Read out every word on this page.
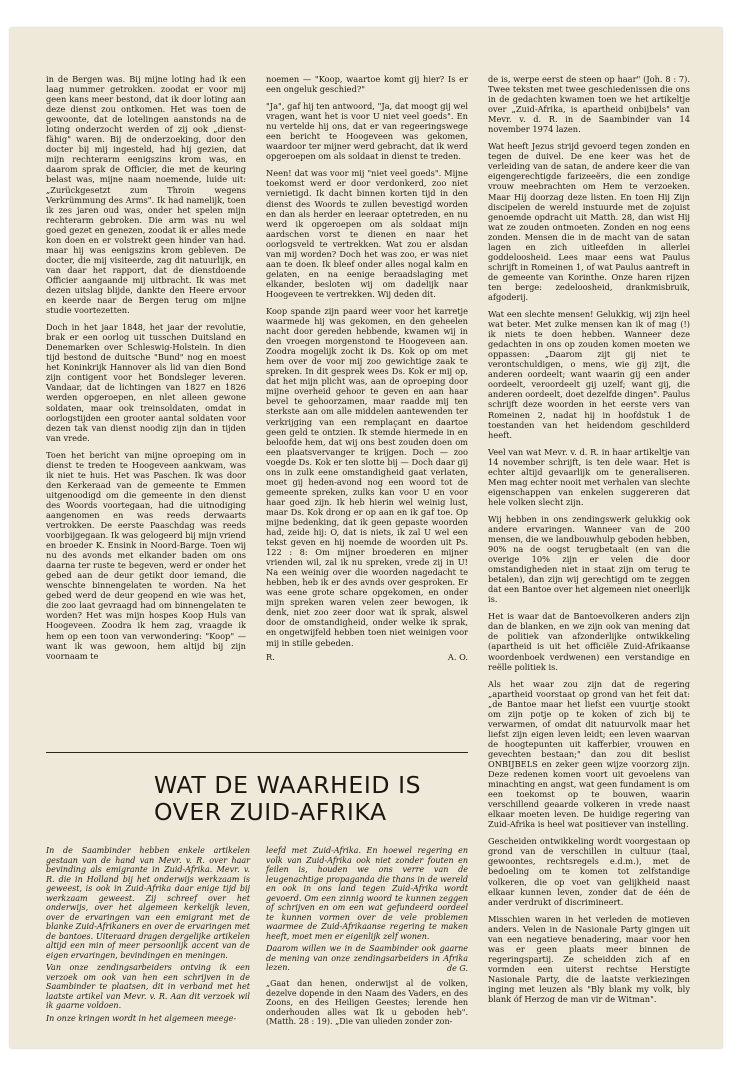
in de Bergen was. Bij mijne loting had ik een laag nummer getrokken. zoodat er voor mij geen kans meer bestond, dat ik door loting aan deze dienst zou ontkomen. Het was toen de gewoonte, dat de lotelingen aanstonds na de loting onderzocht werden of zij ook „dienst-fähig" waren. Bij de onderzoeking, door den docter bij mij ingesteld, had hij gezien, dat mijn rechterarm eenigszins krom was, en daarom sprak de Officier, die met de keuring belast was, mijne naam noemende, luide uit: „Zurückgesetzt zum Throin wegens Verkrümmung des Arms". Ik had namelijk, toen ik zes jaren oud was, onder het spelen mijn rechterarm gebroken. Die arm was nu wel goed gezet en genezen, zoodat ik er alles mede kon doen en er volstrekt geen hinder van had. maar hij was eenigszins krom gebleven. De docter, die mij visiteerde, zag dit natuurlijk, en van daar het rapport, dat de dienstdoende Officier aangaande mij uitbracht. Ik was met dezen uitslag blijde, dankte den Heere ervoor en keerde naar de Bergen terug om mijne studie voortezetten.

Doch in het jaar 1848, het jaar der revolutie, brak er een oorlog uit tusschen Duitsland en Denemarken over Schleswig-Holstein. In dien tijd bestond de duitsche "Bund" nog en moest het Koninkrijk Hannover als lid van dien Bond zijn contigent voor het Bondsleger leveren. Vandaar, dat de lichtingen van 1827 en 1826 werden opgeroepen, en nlet alleen gewone soldaten, maar ook treinsoldaten, omdat in oorlogstijden een grooter aantal soldaten voor dezen tak van dienst noodig zijn dan in tijden van vrede.

Toen het bericht van mijne oproeping om in dienst te treden te Hoogeveen aankwam, was ik niet te huis. Het was Paschen. Ik was door den Kerkeraad van de gemeente te Emmen uitgenoodigd om die gemeente in den dienst des Woords voortegaan, had die uitnodiging aangenomen en was reeds derwaarts vertrokken. De eerste Paaschdag was reeds voorbijgegaan. Ik was gelogeerd bij mijn vriend en broeder K. Ensink in Noord-Barge. Toen wij nu des avonds met elkander baden om ons daarna ter ruste te begeven, werd er onder het gebed aan de deur getikt door iemand, die wenschte binnengelaten te worden. Na het gebed werd de deur geopend en wie was het, die zoo laat gevraagd had om binnengelaten te worden? Het was mijn hospes Koop Huls van Hoogeveen. Zoodra ik hem zag, vraagde ik hem op een toon van verwondering: "Koop" — want ik was gewoon, hem altijd bij zijn voornaam te

noemen — "Koop, waartoe komt gij hier? Is er een ongeluk geschied?"

"Ja", gaf hij ten antwoord, "Ja, dat moogt gij wel vragen, want het is voor U niet veel goeds". En nu vertelde hij ons, dat er van regeeringswege een bericht te Hoogeveen was gekomen, waardoor ter mijner werd gebracht, dat ik werd opgeroepen om als soldaat in dienst te treden.

Neen! dat was voor mij "niet veel goeds". Mijne toekomst werd er door verdonkerd, zoo niet vernietigd. Ik dacht binnen korten tijd in den dienst des Woords te zullen bevestigd worden en dan als herder en leeraar optetreden, en nu werd ik opgeroepen om als soldaat mijn aardschen vorst te dienen en naar het oorlogsveld te vertrekken. Wat zou er alsdan van mij worden? Doch het was zoo, er was niet aan te doen. Ik bleef onder alles nogal kalm en gelaten, en na eenige beraadslaging met elkander, besloten wij om dadelijk naar Hoogeveen te vertrekken. Wij deden dit.

Koop spande zijn paard weer voor het karretje waarmede hij was gekomen, en den geheelen nacht door gereden hebbende, kwamen wij in den vroegen morgenstond te Hoogeveen aan. Zoodra mogelijk zocht ik Ds. Kok op om met hem over de voor mij zoo gewichtige zaak te spreken. In dit gesprek wees Ds. Kok er mij op, dat het mijn plicht was, aan de oproeping door mijne overheid gehoor te geven en aan haar bevel te gehoorzamen, maar raadde mij ten sterkste aan om alle middelen aantewenden ter verkrijging van een remplaçant en daartoe geen geld te ontzien. Ik stemde hiermede in en beloofde hem, dat wij ons best zouden doen om een plaatsvervanger te krijgen. Doch — zoo voegde Ds. Kok er ten slotte bij — Doch daar gij ons in zulk eene omstandigheid gaat verlaten, moet gij heden-avond nog een woord tot de gemeente spreken, zulks kan voor U en voor haar goed zijn. Ik heb hierin wel weinig lust, maar Ds. Kok drong er op aan en ik gaf toe. Op mijne bedenking, dat ik geen gepaste woorden had, zeide hij: O, dat is niets, ik zal U wel een tekst geven en hij noemde de woorden uit Ps. 122 : 8: Om mijner broederen en mijner vrienden wil, zal ik nu spreken, vrede zij in U! Na een weinig over die woorden nagedacht te hebben, heb ik er des avnds over gesproken. Er was eene grote schare opgekomen, en onder mijn spreken waren velen zeer bewogen, ik denk, niet zoo zeer door wat ik sprak, alswel door de omstandigheid, onder welke ik sprak, en ongetwijfeld hebben toen niet weinigen voor mij in stille gebeden.

R.	A. O.

de is, werpe eerst de steen op haar" (Joh. 8 : 7). Twee teksten met twee geschiedenissen die ons in de gedachten kwamen toen we het artikeltje over „Zuid-Afrika, is apartheid onbijbels" van Mevr. v. d. R. in de Saambinder van 14 november 1974 lazen.

Wat heeft Jezus strijd gevoerd tegen zonden en tegen de duivel. De ene keer was het de verleiding van de satan, de andere keer die van eigengerechtigde farizeeërs, die een zondige vrouw meebrachten om Hem te verzoeken. Maar Hij doorzag deze listen. En toen Hij Zijn discipelen de wereld instuurde met de zojuist genoemde opdracht uit Matth. 28, dan wist Hij wat ze zouden ontmoeten. Zonden en nog eens zonden. Mensen die in de macht van de satan lagen en zich uitleefden in allerlei goddeloosheid. Lees maar eens wat Paulus schrijft in Romeinen 1, of wat Paulus aantreft in de gemeente van Korinthe. Onze haren rijzen ten berge: zedeloosheid, drankmisbruik, afgoderij.

Wat een slechte mensen! Gelukkig, wij zijn heel wat beter. Met zulke mensen kan ik of mag (!) ik niets te doen hebben. Wanneer deze gedachten in ons op zouden komen moeten we oppassen: „Daarom zijt gij niet te verontschuldigen, o mens, wie gij zijt, die anderen oordeelt; want waarin gij een ander oordeelt, veroordeelt gij uzelf; want gij, die anderen oordeelt, doet dezelfde dingen". Paulus schrijft deze woorden in het eerste vers van Romeinen 2, nadat hij in hoofdstuk 1 de toestanden van het heidendom geschilderd heeft.

Veel van wat Mevr. v. d. R. in haar artikeltje van 14 november schrijft, is ten dele waar. Het is echter altijd gevaarlijk om te generaliseren. Men mag echter nooit met verhalen van slechte eigenschappen van enkelen suggereren dat hele volken slecht zijn.

Wij hebben in ons zendingswerk gelukkig ook andere ervaringen. Wanneer van de 200 mensen, die we landbouwhulp geboden hebben, 90% na de oogst terugbetaalt (en van die overige 10% zijn er velen die door omstandigheden niet in staat zijn om terug te betalen), dan zijn wij gerechtigd om te zeggen dat een Bantoe over het algemeen niet oneerlijk is.

Het is waar dat de Bantoevolkeren anders zijn dan de blanken, en we zijn ook van mening dat de politiek van afzonderlijke ontwikkeling (apartheid is uit het officiële Zuid-Afrikaanse woordenboek verdwenen) een verstandige en reëlle politiek is.

Als het waar zou zijn dat de regering „apartheid voorstaat op grond van het feit dat: „de Bantoe maar het liefst een vuurtje stookt om zijn potje op te koken of zich bij te verwarmen, of omdat dit natuurvolk maar het liefst zijn eigen leven leidt; een leven waarvan de hoogtepunten uit kafferbier, vrouwen en gevechten bestaan;" dan zou dit beslist ONBIJBELS en zeker geen wijze voorzorg zijn. Deze redenen komen voort uit gevoelens van minachting en angst, wat geen fundament is om een toekomst op te bouwen, waarin verschillend geaarde volkeren in vrede naast elkaar moeten leven. De huidige regering van Zuid-Afrika is heel wat positiever van instelling.

Gescheiden ontwikkeling wordt voorgestaan op grond van de verschillen in cultuur (taal, gewoontes, rechtsregels e.d.m.), met de bedoeling om te komen tot zelfstandige volkeren, die op voet van gelijkheid naast elkaar kunnen leven, zonder dat de één de ander verdrukt of discrimineert.

Misschien waren in het verleden de motieven anders. Velen in de Nasionale Party gingen uit van een negatieve benadering, maar voor hen was er geen plaats meer binnen de regeringspartij. Ze scheidden zich af en vormden een uiterst rechtse Herstigte Nasionale Party, die de laatste verkiezingen inging met leuzen als "Bly blank my volk, bly blank óf Herzog de man vir de Witman".

WAT DE WAARHEID IS OVER ZUID-AFRIKA

In de Saambinder hebben enkele artikelen gestaan van de hand van Mevr. v. R. over haar bevinding als emigrante in Zuid-Afrika. Mevr. v. R. die in Holland bij het onderwijs werkzaam is geweest, is ook in Zuid-Afrika daar enige tijd bij werkzaam geweest. Zij schreef over het onderwijs, over het algemeen kerkelijk leven, over de ervaringen van een emigrant met de blanke Zuid-Afrikaners en over de ervaringen met de bantoes. Uiteraard dragen dergelijke artikelen altijd een min of meer persoonlijk accent van de eigen ervaringen, bevindingen en meningen.

Van onze zendingsarbeiders ontving ik een verzoek om ook van hen een schrijven in de Saambinder te plaatsen, dit in verband met het laatste artikel van Mevr. v. R. Aan dit verzoek wil ik gaarne voldoen.

In onze kringen wordt in het algemeen meege-

leefd met Zuid-Afrika. En hoewel regering en volk van Zuid-Afrika ook niet zonder fouten en feilen is, houden we ons verre van de leugenachtige propaganda die thans in de wereld en ook in ons land tegen Zuid-Afrika wordt gevoerd. Om een zinnig woord te kunnen zeggen of schrijven en om een wat gefundeerd oordeel te kunnen vormen over de vele problemen waarmee de Zuid-Afrikaanse regering te maken heeft, moet men er eigenlijk zelf wonen.

Daarom willen we in de Saambinder ook gaarne de mening van onze zendingsarbeiders in Afrika lezen.	de G.

„Gaat dan henen, onderwijst al de volken, dezelve dopende in den Naam des Vaders, en des Zoons, en des Heiligen Geestes; lerende hen onderhouden alles wat Ik u geboden heb". (Matth. 28 : 19). „Die van ulieden zonder zon-
